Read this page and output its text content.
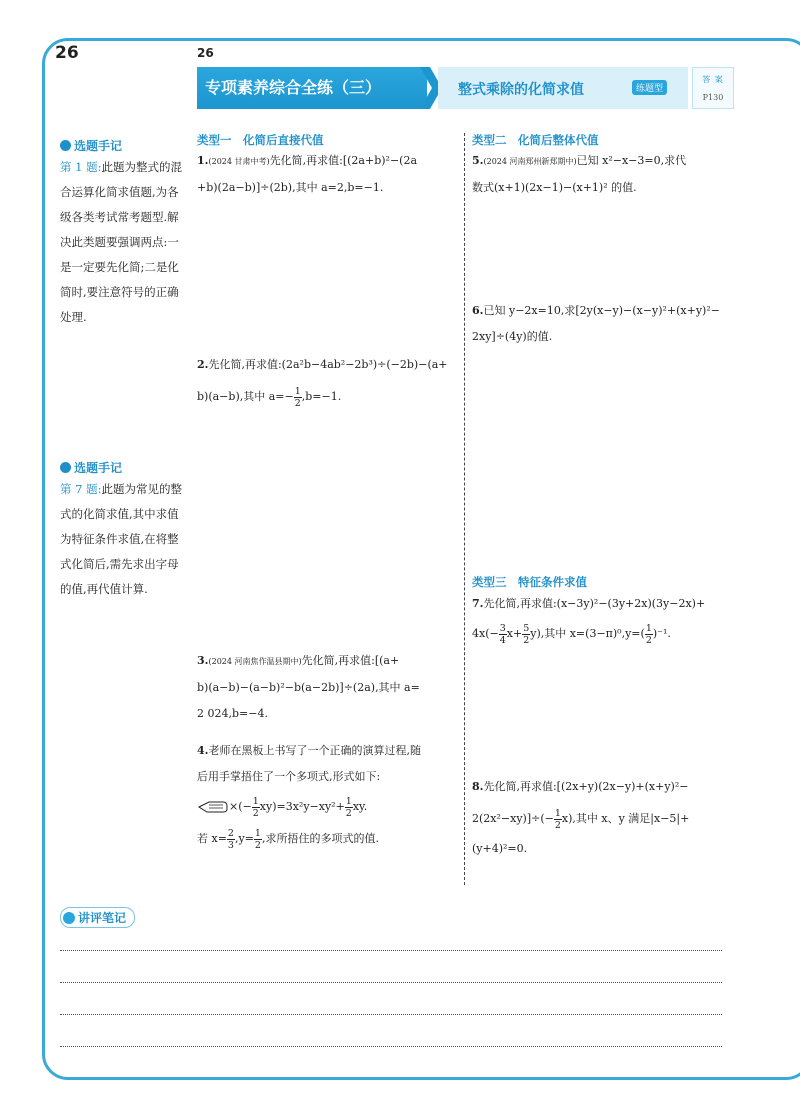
26	26
专项素养综合全练（三）	整式乘除的化简求值	练题型
答 案
P130
选题手记
第 1 题:此题为整式的混合运算化简求值题,为各级各类考试常考题型.解决此类题要强调两点:一是一定要先化简;二是化简时,要注意符号的正确处理.
选题手记
第 7 题:此题为常见的整式的化简求值,其中求值为特征条件求值,在将整式化简后,需先求出字母的值,再代值计算.
类型一　化简后直接代值
1.(2024 甘肃中考)先化简,再求值:[(2a+b)²−(2a
+b)(2a−b)]÷(2b),其中 a=2,b=−1.
2.先化简,再求值:(2a²b−4ab²−2b³)÷(−2b)−(a+
b)(a−b),其中 $a=- \frac{1}{2} ,b=-1$.
3.(2024 河南焦作温县期中)先化简,再求值:[(a+
b)(a−b)−(a−b)²−b(a−2b)]÷(2a),其中 a=
2 024,b=−4.
4.老师在黑板上书写了一个正确的演算过程,随
后用手掌捂住了一个多项式,形式如下:
×(− $\frac{1}{2} xy)=3x^2y-xy^2+ \frac{1}{2}$ xy.
若 $x= \frac{2}{3} ,y= \frac{1}{2}$ ,求所捂住的多项式的值.
类型二　化简后整体代值
5.(2024 河南郑州新郑期中)已知 x²−x−3=0,求代
数式(x+1)(2x−1)−(x+1)² 的值.
6.已知 y−2x=10,求[2y(x−y)−(x−y)²+(x+y)²−
2xy]÷(4y)的值.
类型三　特征条件求值
7.先化简,再求值:(x−3y)²−(3y+2x)(3y−2x)+
$4x(- \frac{3}{4} x+ \frac{5}{2} y)$,其中 $x=(3-\pi)^0,y=( \frac{1}{2} )^{-1}$.
8.先化简,再求值:[(2x+y)(2x−y)+(x+y)²−
$2(2x^2-xy)]\div(- \frac{1}{2} x)$,其中 x、y 满足|x−5|+
(y+4)²=0.
讲评笔记
